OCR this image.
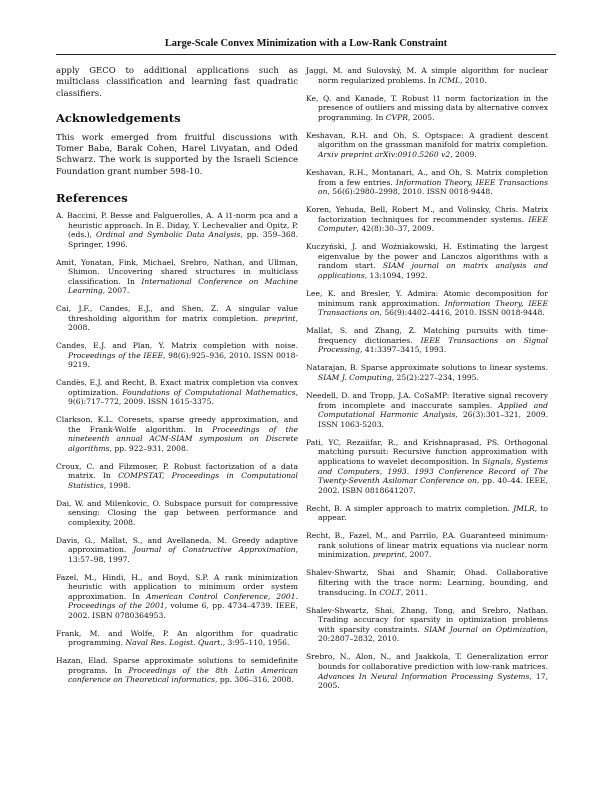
Large-Scale Convex Minimization with a Low-Rank Constraint

apply GECO to additional applications such as multiclass classification and learning fast quadratic classifiers.

Acknowledgements

This work emerged from fruitful discussions with Tomer Baba, Barak Cohen, Harel Livyatan, and Oded Schwarz. The work is supported by the Israeli Science Foundation grant number 598-10.

References

A. Baccini, P. Besse and Falguerolles, A. A l1-norm pca and a heuristic approach. In E. Diday, Y. Lechevalier and Opitz, P. (eds.), Ordinal and Symbolic Data Analysis, pp. 359–368. Springer, 1996.

Amit, Yonatan, Fink, Michael, Srebro, Nathan, and Ullman, Shimon. Uncovering shared structures in multiclass classification. In International Conference on Machine Learning, 2007.

Cai, J.F., Candes, E.J., and Shen, Z. A singular value thresholding algorithm for matrix completion. preprint, 2008.

Candes, E.J. and Plan, Y. Matrix completion with noise. Proceedings of the IEEE, 98(6):925–936, 2010. ISSN 0018-9219.

Candès, E.J. and Recht, B. Exact matrix completion via convex optimization. Foundations of Computational Mathematics, 9(6):717–772, 2009. ISSN 1615-3375.

Clarkson, K.L. Coresets, sparse greedy approximation, and the Frank-Wolfe algorithm. In Proceedings of the nineteenth annual ACM-SIAM symposium on Discrete algorithms, pp. 922–931, 2008.

Croux, C. and Filzmoser, P. Robust factorization of a data matrix. In COMPSTAT, Proceedings in Computational Statistics, 1998.

Dai, W. and Milenkovic, O. Subspace pursuit for compressive sensing: Closing the gap between performance and complexity, 2008.

Davis, G., Mallat, S., and Avellaneda, M. Greedy adaptive approximation. Journal of Constructive Approximation, 13:57–98, 1997.

Fazel, M., Hindi, H., and Boyd, S.P. A rank minimization heuristic with application to minimum order system approximation. In American Control Conference, 2001. Proceedings of the 2001, volume 6, pp. 4734–4739. IEEE, 2002. ISBN 0780364953.

Frank, M. and Wolfe, P. An algorithm for quadratic programming. Naval Res. Logist. Quart., 3:95–110, 1956.

Hazan, Elad. Sparse approximate solutions to semidefinite programs. In Proceedings of the 8th Latin American conference on Theoretical informatics, pp. 306–316, 2008.

Jaggi, M. and Sulovský, M. A simple algorithm for nuclear norm regularized problems. In ICML, 2010.

Ke, Q. and Kanade, T. Robust l1 norm factorization in the presence of outliers and missing data by alternative convex programming. In CVPR, 2005.

Keshavan, R.H. and Oh, S. Optspace: A gradient descent algorithm on the grassman manifold for matrix completion. Arxiv preprint arXiv:0910.5260 v2, 2009.

Keshavan, R.H., Montanari, A., and Oh, S. Matrix completion from a few entries. Information Theory, IEEE Transactions on, 56(6):2980–2998, 2010. ISSN 0018-9448.

Koren, Yehuda, Bell, Robert M., and Volinsky, Chris. Matrix factorization techniques for recommender systems. IEEE Computer, 42(8):30–37, 2009.

Kuczyński, J. and Woźniakowski, H. Estimating the largest eigenvalue by the power and Lanczos algorithms with a random start. SIAM journal on matrix analysis and applications, 13:1094, 1992.

Lee, K. and Bresler, Y. Admira: Atomic decomposition for minimum rank approximation. Information Theory, IEEE Transactions on, 56(9):4402–4416, 2010. ISSN 0018-9448.

Mallat, S. and Zhang, Z. Matching pursuits with time-frequency dictionaries. IEEE Transactions on Signal Processing, 41:3397–3415, 1993.

Natarajan, B. Sparse approximate solutions to linear systems. SIAM J. Computing, 25(2):227–234, 1995.

Needell, D. and Tropp, J.A. CoSaMP: Iterative signal recovery from incomplete and inaccurate samples. Applied and Computational Harmonic Analysis, 26(3):301–321, 2009. ISSN 1063-5203.

Pati, YC, Rezaiifar, R., and Krishnaprasad, PS. Orthogonal matching pursuit: Recursive function approximation with applications to wavelet decomposition. In Signals, Systems and Computers, 1993. 1993 Conference Record of The Twenty-Seventh Asilomar Conference on, pp. 40–44. IEEE, 2002. ISBN 0818641207.

Recht, B. A simpler approach to matrix completion. JMLR, to appear.

Recht, B., Fazel, M., and Parrilo, P.A. Guaranteed minimum-rank solutions of linear matrix equations via nuclear norm minimization. preprint, 2007.

Shalev-Shwartz, Shai and Shamir, Ohad. Collaborative filtering with the trace norm: Learning, bounding, and transducing. In COLT, 2011.

Shalev-Shwartz, Shai, Zhang, Tong, and Srebro, Nathan. Trading accuracy for sparsity in optimization problems with sparsity constraints. SIAM Journal on Optimization, 20:2807–2832, 2010.

Srebro, N., Alon, N., and Jaakkola, T. Generalization error bounds for collaborative prediction with low-rank matrices. Advances In Neural Information Processing Systems, 17, 2005.
